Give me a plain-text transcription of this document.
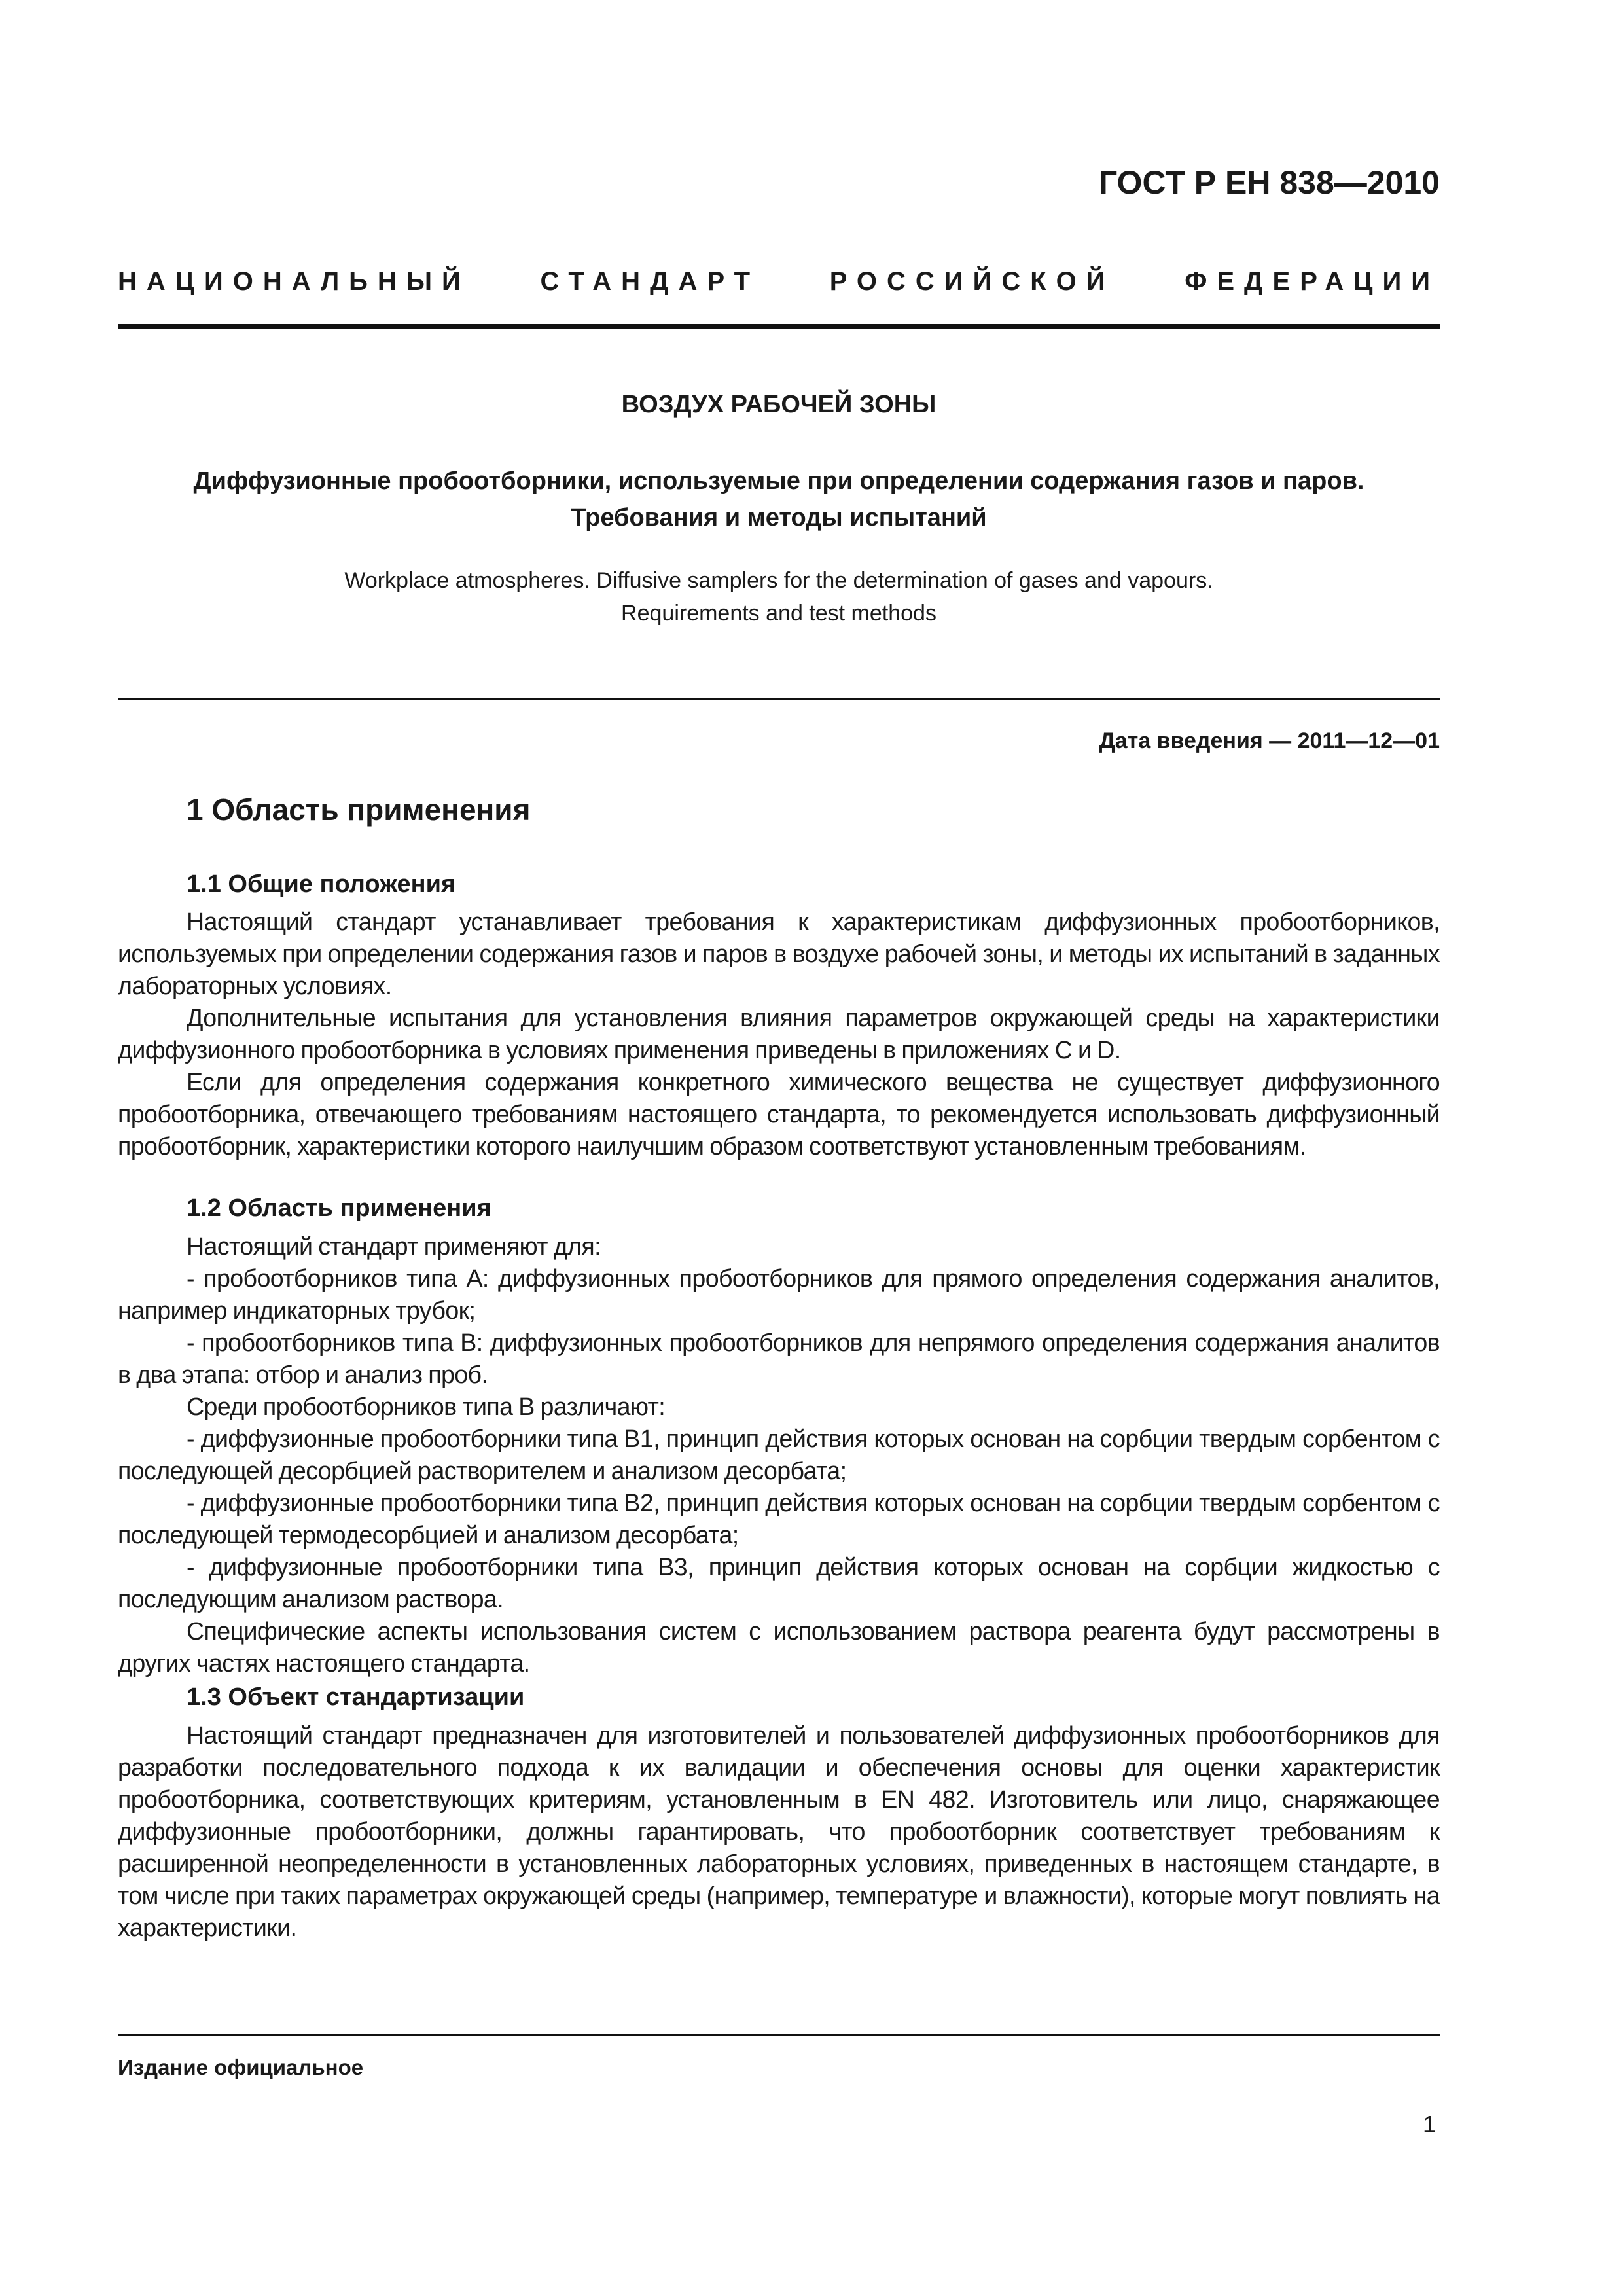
ГОСТ Р ЕН 838—2010
НАЦИОНАЛЬНЫЙ	СТАНДАРТ	РОССИЙСКОЙ	ФЕДЕРАЦИИ
ВОЗДУХ РАБОЧЕЙ ЗОНЫ
Диффузионные пробоотборники, используемые при определении содержания газов и паров.
Требования и методы испытаний
Workplace atmospheres. Diffusive samplers for the determination of gases and vapours.
Requirements and test methods
Дата введения — 2011—12—01
1 Область применения
1.1 Общие положения
Настоящий стандарт устанавливает требования к характеристикам диффузионных пробоотборников, используемых при определении содержания газов и паров в воздухе рабочей зоны, и методы их испытаний в заданных лабораторных условиях.
Дополнительные испытания для установления влияния параметров окружающей среды на характеристики диффузионного пробоотборника в условиях применения приведены в приложениях С и D.
Если для определения содержания конкретного химического вещества не существует диффузионного пробоотборника, отвечающего требованиям настоящего стандарта, то рекомендуется использовать диффузионный пробоотборник, характеристики которого наилучшим образом соответствуют установленным требованиям.
1.2 Область применения
Настоящий стандарт применяют для:
- пробоотборников типа А: диффузионных пробоотборников для прямого определения содержания аналитов, например индикаторных трубок;
- пробоотборников типа В: диффузионных пробоотборников для непрямого определения содержания аналитов в два этапа: отбор и анализ проб.
Среди пробоотборников типа В различают:
- диффузионные пробоотборники типа В1, принцип действия которых основан на сорбции твердым сорбентом с последующей десорбцией растворителем и анализом десорбата;
- диффузионные пробоотборники типа В2, принцип действия которых основан на сорбции твердым сорбентом с последующей термодесорбцией и анализом десорбата;
- диффузионные пробоотборники типа В3, принцип действия которых основан на сорбции жидкостью с последующим анализом раствора.
Специфические аспекты использования систем с использованием раствора реагента будут рассмотрены в других частях настоящего стандарта.
1.3 Объект стандартизации
Настоящий стандарт предназначен для изготовителей и пользователей диффузионных пробоотборников для разработки последовательного подхода к их валидации и обеспечения основы для оценки характеристик пробоотборника, соответствующих критериям, установленным в EN 482. Изготовитель или лицо, снаряжающее диффузионные пробоотборники, должны гарантировать, что пробоотборник соответствует требованиям к расширенной неопределенности в установленных лабораторных условиях, приведенных в настоящем стандарте, в том числе при таких параметрах окружающей среды (например, температуре и влажности), которые могут повлиять на характеристики.
Издание официальное
1
